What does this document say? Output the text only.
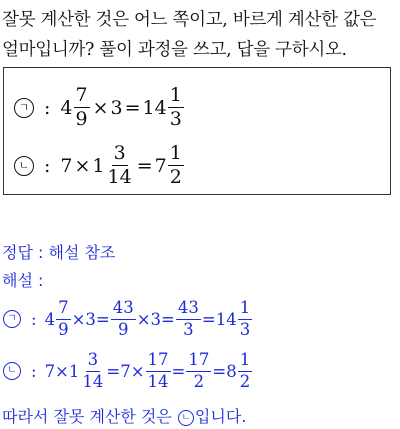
잘못 계산한 것은 어느 쪽이고, 바르게 계산한 값은
얼마입니까? 풀이 과정을 쓰고, 답을 구하시오.
ㄱ : $4 \frac{7}{9} \times 3 = 14 \frac{1}{3}$
ㄴ : $7 \times 1 \frac{3}{14} = 7 \frac{1}{2}$
정답 : 해설 참조
해설 :
ㄱ : $4 \frac{7}{9} \times 3= \frac{43}{9} \times 3= \frac{43}{3} = 14 \frac{1}{3}$
ㄴ : $7\times 1 \frac{3}{14} =7\times \frac{17}{14} = \frac{17}{2} = 8 \frac{1}{2}$
따라서 잘못 계산한 것은 ㄴ 입니다.
